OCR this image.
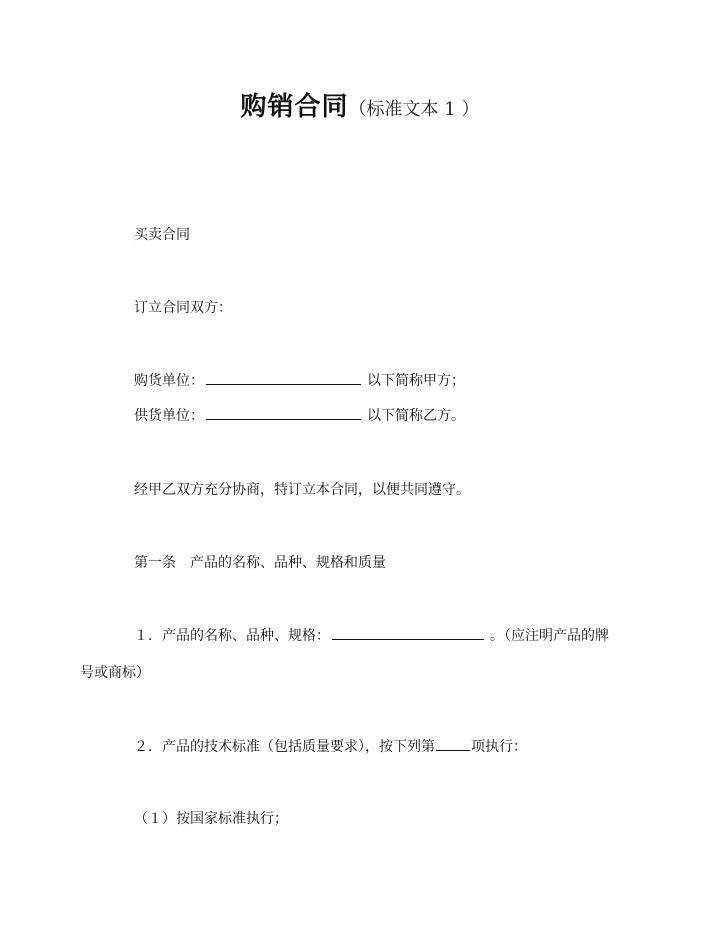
购销合同（标准文本 1 ）
买卖合同
订立合同双方：
购货单位：	以下简称甲方；
供货单位：	以下简称乙方。
经甲乙双方充分协商，特订立本合同，以便共同遵守。
第一条　产品的名称、品种、规格和质量
１．产品的名称、品种、规格：	。（应注明产品的牌
号或商标）
２．产品的技术标准（包括质量要求），按下列第	项执行：
（１）按国家标准执行；
